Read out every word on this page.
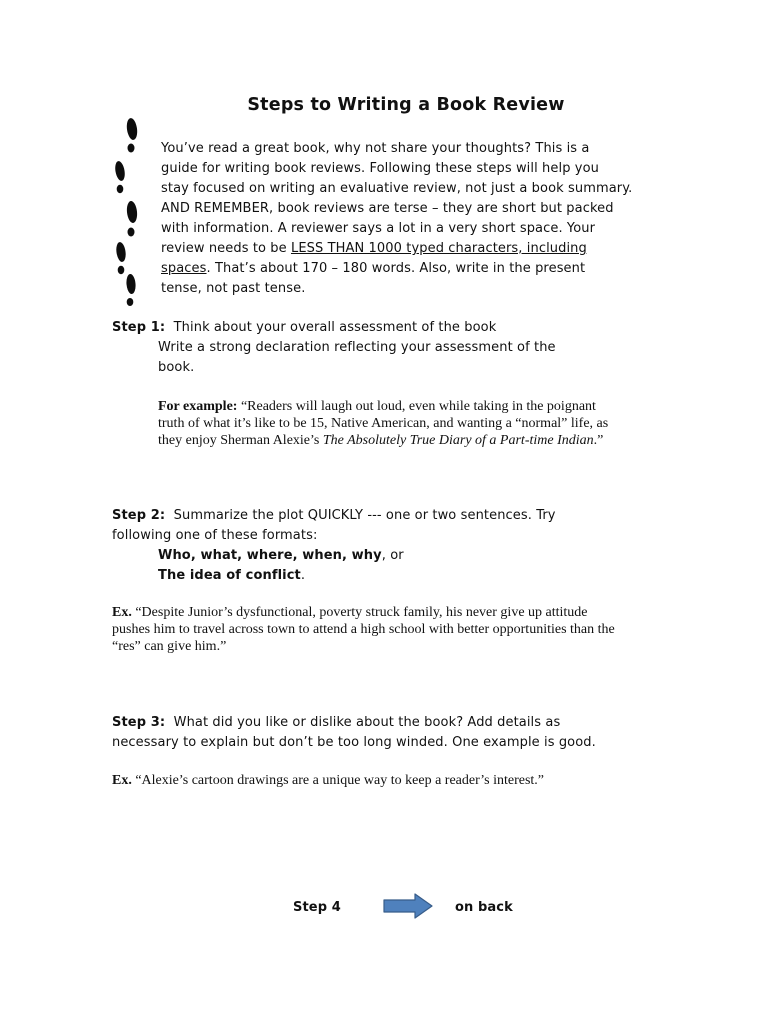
Steps to Writing a Book Review

You’ve read a great book, why not share your thoughts? This is a

guide for writing book reviews. Following these steps will help you

stay focused on writing an evaluative review, not just a book summary.

AND REMEMBER, book reviews are terse – they are short but packed

with information. A reviewer says a lot in a very short space. Your

review needs to be LESS THAN 1000 typed characters, including

spaces. That’s about 170 – 180 words. Also, write in the present

tense, not past tense.

Step 1: Think about your overall assessment of the book
Write a strong declaration reflecting your assessment of the
book.
For example: “Readers will laugh out loud, even while taking in the poignant
truth of what it’s like to be 15, Native American, and wanting a “normal” life, as
they enjoy Sherman Alexie’s The Absolutely True Diary of a Part-time Indian.”
Step 2: Summarize the plot QUICKLY --- one or two sentences. Try
following one of these formats:
Who, what, where, when, why, or
The idea of conflict.
Ex. “Despite Junior’s dysfunctional, poverty struck family, his never give up attitude
pushes him to travel across town to attend a high school with better opportunities than the
“res” can give him.”
Step 3: What did you like or dislike about the book? Add details as
necessary to explain but don’t be too long winded. One example is good.
Ex. “Alexie’s cartoon drawings are a unique way to keep a reader’s interest.”
Step 4	on back
